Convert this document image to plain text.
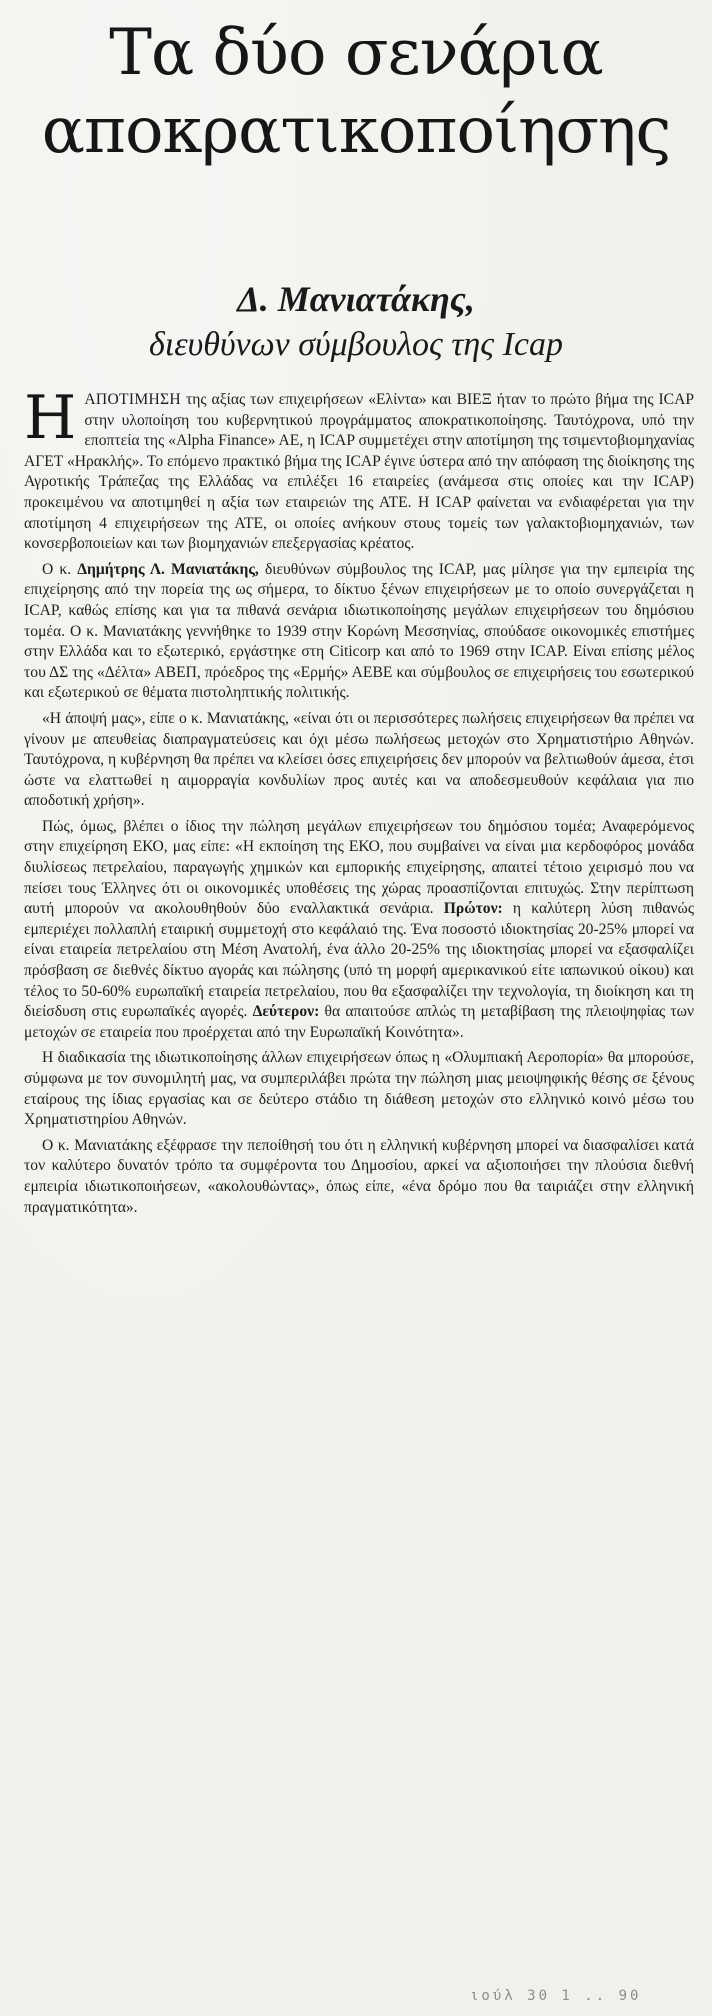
Τα δύο σενάρια
αποκρατικοποίησης
Δ. Μανιατάκης,
διευθύνων σύμβουλος της Icap

ΗΑΠΟΤΙΜΗΣΗ της αξίας των επιχειρήσεων «Ελίντα» και ΒΙΕΞ ήταν το πρώτο βήμα της ICAP στην υλοποίηση του κυβερνητικού προγράμματος αποκρατικοποίησης. Ταυτόχρονα, υπό την εποπτεία της «Alpha Finance» AE, η ICAP συμμετέχει στην αποτίμηση της τσιμεντοβιομηχανίας ΑΓΕΤ «Ηρακλής». Το επόμενο πρακτικό βήμα της ICAP έγινε ύστερα από την απόφαση της διοίκησης της Αγροτικής Τράπεζας της Ελλάδας να επιλέξει 16 εταιρείες (ανάμεσα στις οποίες και την ICAP) προκειμένου να αποτιμηθεί η αξία των εταιρειών της ΑΤΕ. Η ICAP φαίνεται να ενδιαφέρεται για την αποτίμηση 4 επιχειρήσεων της ΑΤΕ, οι οποίες ανήκουν στους τομείς των γαλακτοβιομηχανιών, των κονσερβοποιείων και των βιομηχανιών επεξεργασίας κρέατος.

Ο κ. Δημήτρης Λ. Μανιατάκης, διευθύνων σύμβουλος της ICAP, μας μίλησε για την εμπειρία της επιχείρησης από την πορεία της ως σήμερα, το δίκτυο ξένων επιχειρήσεων με το οποίο συνεργάζεται η ICAP, καθώς επίσης και για τα πιθανά σενάρια ιδιωτικοποίησης μεγάλων επιχειρήσεων του δημόσιου τομέα. Ο κ. Μανιατάκης γεννήθηκε το 1939 στην Κορώνη Μεσσηνίας, σπούδασε οικονομικές επιστήμες στην Ελλάδα και το εξωτερικό, εργάστηκε στη Citicorp και από το 1969 στην ICAP. Είναι επίσης μέλος του ΔΣ της «Δέλτα» ΑΒΕΠ, πρόεδρος της «Ερμής» ΑΕΒΕ και σύμβουλος σε επιχειρήσεις του εσωτερικού και εξωτερικού σε θέματα πιστοληπτικής πολιτικής.

«Η άποψή μας», είπε ο κ. Μανιατάκης, «είναι ότι οι περισσότερες πωλήσεις επιχειρήσεων θα πρέπει να γίνουν με απευθείας διαπραγματεύσεις και όχι μέσω πωλήσεως μετοχών στο Χρηματιστήριο Αθηνών. Ταυτόχρονα, η κυβέρνηση θα πρέπει να κλείσει όσες επιχειρήσεις δεν μπορούν να βελτιωθούν άμεσα, έτσι ώστε να ελαττωθεί η αιμορραγία κονδυλίων προς αυτές και να αποδεσμευθούν κεφάλαια για πιο αποδοτική χρήση».

Πώς, όμως, βλέπει ο ίδιος την πώληση μεγάλων επιχειρήσεων του δημόσιου τομέα; Αναφερόμενος στην επιχείρηση ΕΚΟ, μας είπε: «Η εκποίηση της ΕΚΟ, που συμβαίνει να είναι μια κερδοφόρος μονάδα διυλίσεως πετρελαίου, παραγωγής χημικών και εμπορικής επιχείρησης, απαιτεί τέτοιο χειρισμό που να πείσει τους Έλληνες ότι οι οικονομικές υποθέσεις της χώρας προασπίζονται επιτυχώς. Στην περίπτωση αυτή μπορούν να ακολουθηθούν δύο εναλλακτικά σενάρια. Πρώτον: η καλύτερη λύση πιθανώς εμπεριέχει πολλαπλή εταιρική συμμετοχή στο κεφάλαιό της. Ένα ποσοστό ιδιοκτησίας 20-25% μπορεί να είναι εταιρεία πετρελαίου στη Μέση Ανατολή, ένα άλλο 20-25% της ιδιοκτησίας μπορεί να εξασφαλίζει πρόσβαση σε διεθνές δίκτυο αγοράς και πώλησης (υπό τη μορφή αμερικανικού είτε ιαπωνικού οίκου) και τέλος το 50-60% ευρωπαϊκή εταιρεία πετρελαίου, που θα εξασφαλίζει την τεχνολογία, τη διοίκηση και τη διείσδυση στις ευρωπαϊκές αγορές. Δεύτερον: θα απαιτούσε απλώς τη μεταβίβαση της πλειοψηφίας των μετοχών σε εταιρεία που προέρχεται από την Ευρωπαϊκή Κοινότητα».

Η διαδικασία της ιδιωτικοποίησης άλλων επιχειρήσεων όπως η «Ολυμπιακή Αεροπορία» θα μπορούσε, σύμφωνα με τον συνομιλητή μας, να συμπεριλάβει πρώτα την πώληση μιας μειοψηφικής θέσης σε ξένους εταίρους της ίδιας εργασίας και σε δεύτερο στάδιο τη διάθεση μετοχών στο ελληνικό κοινό μέσω του Χρηματιστηρίου Αθηνών.

Ο κ. Μανιατάκης εξέφρασε την πεποίθησή του ότι η ελληνική κυβέρνηση μπορεί να διασφαλίσει κατά τον καλύτερο δυνατόν τρόπο τα συμφέροντα του Δημοσίου, αρκεί να αξιοποιήσει την πλούσια διεθνή εμπειρία ιδιωτικοποιήσεων, «ακολουθώντας», όπως είπε, «ένα δρόμο που θα ταιριάζει στην ελληνική πραγματικότητα».

ιούλ 30 1 .. 90
